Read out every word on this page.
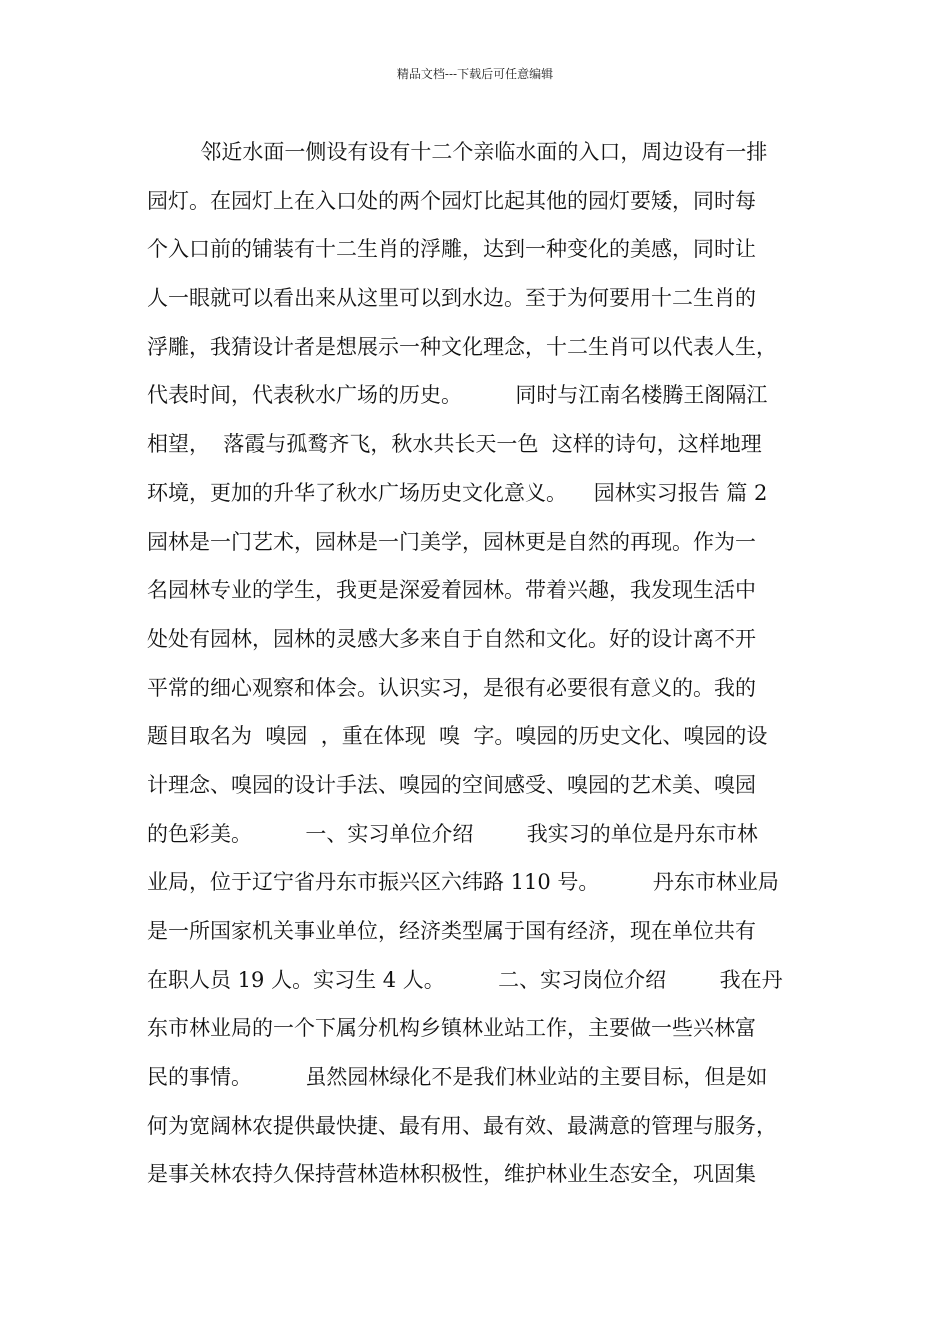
精品文档---下载后可任意编辑
邻近水面一侧设有设有十二个亲临水面的入口，周边设有一排
园灯。在园灯上在入口处的两个园灯比起其他的园灯要矮，同时每
个入口前的铺装有十二生肖的浮雕，达到一种变化的美感，同时让
人一眼就可以看出来从这里可以到水边。至于为何要用十二生肖的
浮雕，我猜设计者是想展示一种文化理念，十二生肖可以代表人生，
代表时间，代表秋水广场的历史。        同时与江南名楼腾王阁隔江
相望，  落霞与孤鹜齐飞，秋水共长天一色  这样的诗句，这样地理
环境，更加的升华了秋水广场历史文化意义。    园林实习报告 篇 2
园林是一门艺术，园林是一门美学，园林更是自然的再现。作为一
名园林专业的学生，我更是深爱着园林。带着兴趣，我发现生活中
处处有园林，园林的灵感大多来自于自然和文化。好的设计离不开
平常的细心观察和体会。认识实习，是很有必要很有意义的。我的
题目取名为  嗅园  ，重在体现  嗅  字。嗅园的历史文化、嗅园的设
计理念、嗅园的设计手法、嗅园的空间感受、嗅园的艺术美、嗅园
的色彩美。        一、实习单位介绍        我实习的单位是丹东市林
业局，位于辽宁省丹东市振兴区六纬路 110 号。        丹东市林业局
是一所国家机关事业单位，经济类型属于国有经济，现在单位共有
在职人员 19 人。实习生 4 人。        二、实习岗位介绍        我在丹
东市林业局的一个下属分机构乡镇林业站工作，主要做一些兴林富
民的事情。        虽然园林绿化不是我们林业站的主要目标，但是如
何为宽阔林农提供最快捷、最有用、最有效、最满意的管理与服务，
是事关林农持久保持营林造林积极性，维护林业生态安全，巩固集
